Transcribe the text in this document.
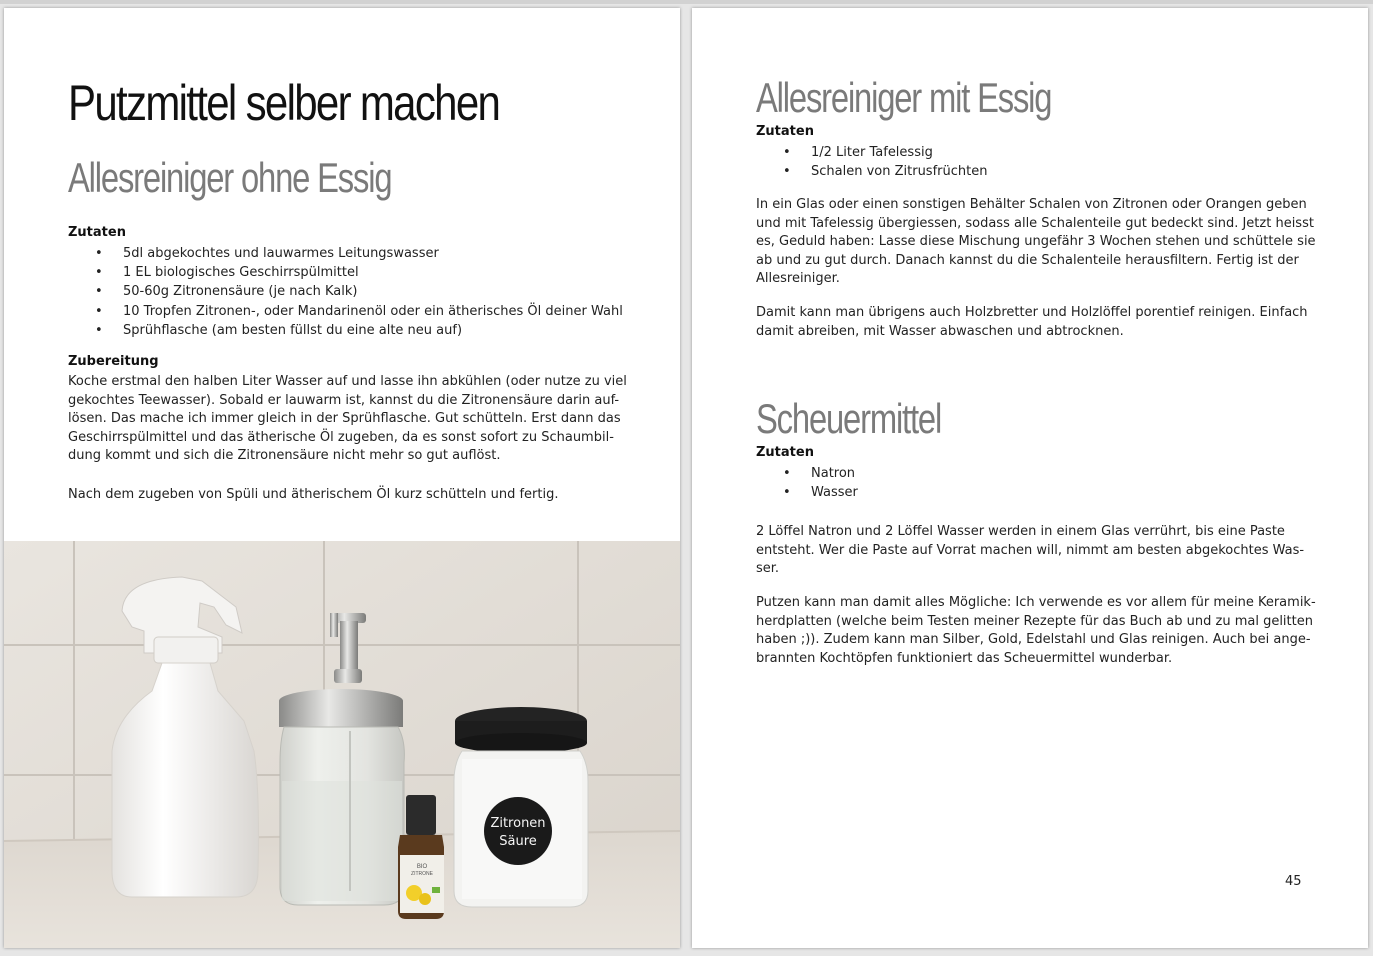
Putzmittel selber machen
Allesreiniger ohne Essig
Zutaten
• 5dl abgekochtes und lauwarmes Leitungswasser
• 1 EL biologisches Geschirrspülmittel
• 50-60g Zitronensäure (je nach Kalk)
• 10 Tropfen Zitronen-, oder Mandarinenöl oder ein ätherisches Öl deiner Wahl
• Sprühflasche (am besten füllst du eine alte neu auf)
Zubereitung
Koche erstmal den halben Liter Wasser auf und lasse ihn abkühlen (oder nutze zu viel
gekochtes Teewasser). Sobald er lauwarm ist, kannst du die Zitronensäure darin auf-
lösen. Das mache ich immer gleich in der Sprühflasche. Gut schütteln. Erst dann das
Geschirrspülmittel und das ätherische Öl zugeben, da es sonst sofort zu Schaumbil-
dung kommt und sich die Zitronensäure nicht mehr so gut auflöst.
Nach dem zugeben von Spüli und ätherischem Öl kurz schütteln und fertig.
BIO
ZITRONE
Zitronen
Säure
Allesreiniger mit Essig
Zutaten
• 1/2 Liter Tafelessig
• Schalen von Zitrusfrüchten
In ein Glas oder einen sonstigen Behälter Schalen von Zitronen oder Orangen geben
und mit Tafelessig übergiessen, sodass alle Schalenteile gut bedeckt sind. Jetzt heisst
es, Geduld haben: Lasse diese Mischung ungefähr 3 Wochen stehen und schüttele sie
ab und zu gut durch. Danach kannst du die Schalenteile herausfiltern. Fertig ist der
Allesreiniger.
Damit kann man übrigens auch Holzbretter und Holzlöffel porentief reinigen. Einfach
damit abreiben, mit Wasser abwaschen und abtrocknen.
Scheuermittel
Zutaten
• Natron
• Wasser
2 Löffel Natron und 2 Löffel Wasser werden in einem Glas verrührt, bis eine Paste
entsteht. Wer die Paste auf Vorrat machen will, nimmt am besten abgekochtes Was-
ser.
Putzen kann man damit alles Mögliche: Ich verwende es vor allem für meine Keramik-
herdplatten (welche beim Testen meiner Rezepte für das Buch ab und zu mal gelitten
haben ;)). Zudem kann man Silber, Gold, Edelstahl und Glas reinigen. Auch bei ange-
brannten Kochtöpfen funktioniert das Scheuermittel wunderbar.
45
